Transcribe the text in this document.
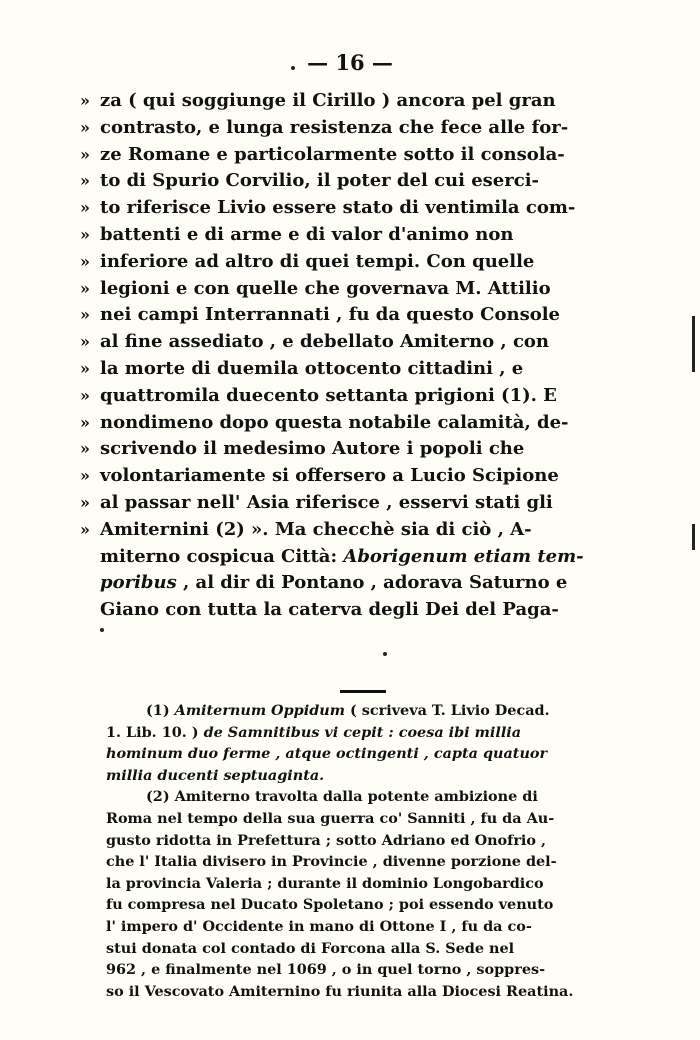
— 16 —
» za ( qui soggiunge il Cirillo ) ancora pel gran
» contrasto, e lunga resistenza che fece alle for-
» ze Romane e particolarmente sotto il consola-
» to di Spurio Corvilio, il poter del cui eserci-
» to riferisce Livio essere stato di ventimila com-
» battenti e di arme e di valor d'animo non
» inferiore ad altro di quei tempi. Con quelle
» legioni e con quelle che governava M. Attilio
» nei campi Interrannati , fu da questo Console
» al fine assediato , e debellato Amiterno , con
» la morte di duemila ottocento cittadini , e
» quattromila duecento settanta prigioni (1). E
» nondimeno dopo questa notabile calamità, de-
» scrivendo il medesimo Autore i popoli che
» volontariamente si offersero a Lucio Scipione
» al passar nell' Asia riferisce , esservi stati gli
» Amiternini (2) ». Ma checchè sia di ciò , A-
miterno cospicua Città: Aborigenum etiam tem-
poribus , al dir di Pontano , adorava Saturno e
Giano con tutta la caterva degli Dei del Paga-
(1) Amiternum Oppidum ( scriveva T. Livio Decad.
1. Lib. 10. ) de Samnitibus vi cepit : coesa ibi millia
hominum duo ferme , atque octingenti , capta quatuor
millia ducenti septuaginta.
(2) Amiterno travolta dalla potente ambizione di
Roma nel tempo della sua guerra co' Sanniti , fu da Au-
gusto ridotta in Prefettura ; sotto Adriano ed Onofrio ,
che l' Italia divisero in Provincie , divenne porzione del-
la provincia Valeria ; durante il dominio Longobardico
fu compresa nel Ducato Spoletano ; poi essendo venuto
l' impero d' Occidente in mano di Ottone I , fu da co-
stui donata col contado di Forcona alla S. Sede nel
962 , e finalmente nel 1069 , o in quel torno , soppres-
so il Vescovato Amiternino fu riunita alla Diocesi Reatina.
